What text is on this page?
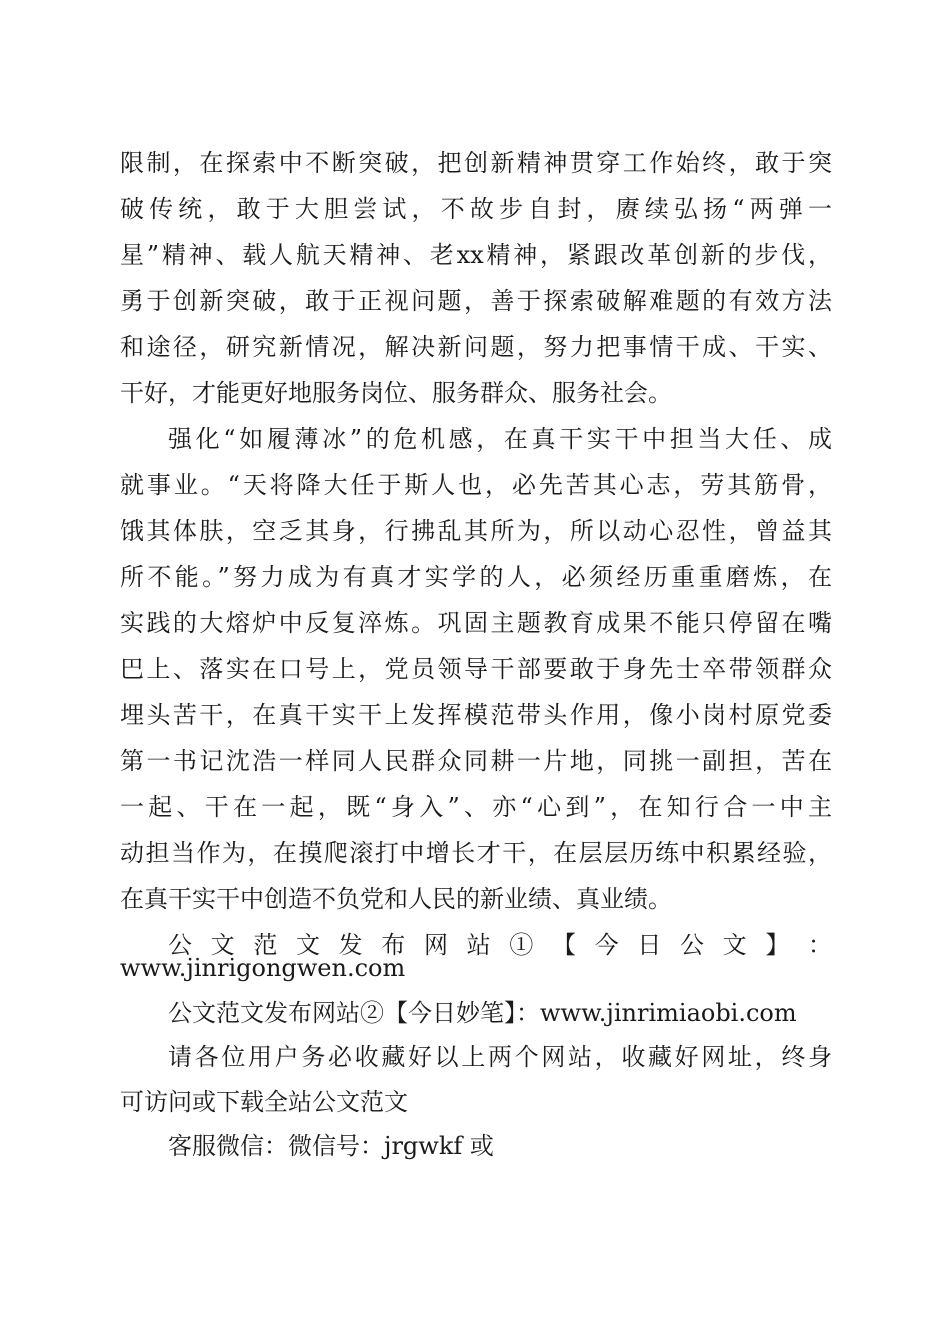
限制，在探索中不断突破，把创新精神贯穿工作始终，敢于突
破传统，敢于大胆尝试，不故步自封，赓续弘扬“两弹一
星”精神、载人航天精神、老xx精神，紧跟改革创新的步伐，
勇于创新突破，敢于正视问题，善于探索破解难题的有效方法
和途径，研究新情况，解决新问题，努力把事情干成、干实、
干好，才能更好地服务岗位、服务群众、服务社会。
强化“如履薄冰”的危机感，在真干实干中担当大任、成
就事业。“天将降大任于斯人也，必先苦其心志，劳其筋骨，
饿其体肤，空乏其身，行拂乱其所为，所以动心忍性，曾益其
所不能。”努力成为有真才实学的人，必须经历重重磨炼，在
实践的大熔炉中反复淬炼。巩固主题教育成果不能只停留在嘴
巴上、落实在口号上，党员领导干部要敢于身先士卒带领群众
埋头苦干，在真干实干上发挥模范带头作用，像小岗村原党委
第一书记沈浩一样同人民群众同耕一片地，同挑一副担，苦在
一起、干在一起，既“身入”、亦“心到”，在知行合一中主
动担当作为，在摸爬滚打中增长才干，在层层历练中积累经验，
在真干实干中创造不负党和人民的新业绩、真业绩。
公 文 范 文 发 布 网 站 ① 【 今 日 公 文 】 ：
www.jinrigongwen.com
公文范文发布网站②【今日妙笔】：www.jinrimiaobi.com
请各位用户务必收藏好以上两个网站，收藏好网址，终身
可访问或下载全站公文范文
客服微信：微信号：jrgwkf 或
